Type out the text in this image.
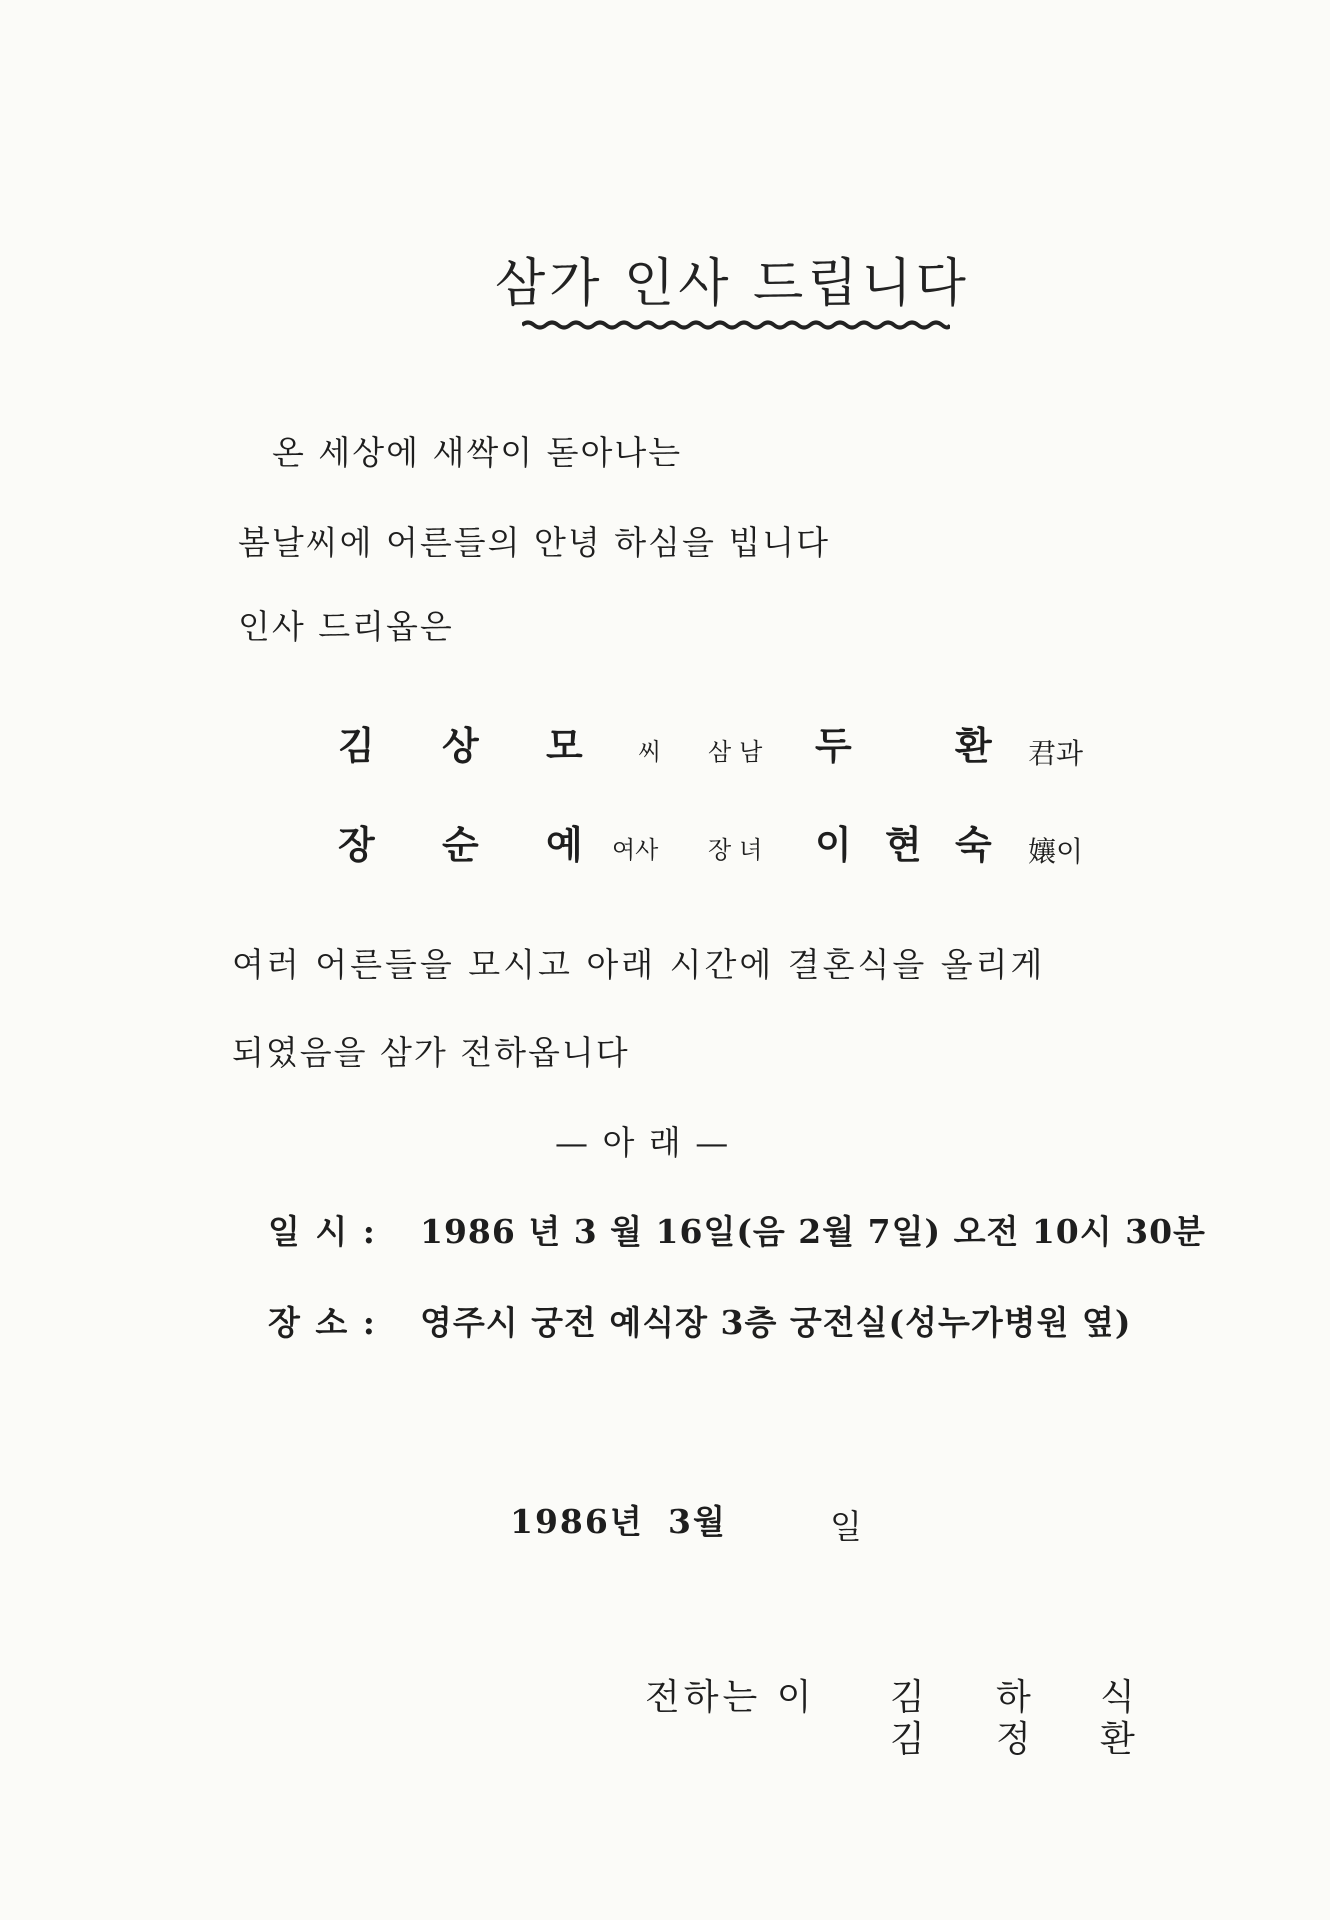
삼가 인사 드립니다
온 세상에 새싹이 돋아나는
봄날씨에 어른들의 안녕 하심을 빕니다
인사 드리옵은
김 상 모 씨 삼남 두	환 君과
장 순 예 여사 장녀 이 현 숙 孃이
여러 어른들을 모시고 아래 시간에 결혼식을 올리게
되였음을 삼가 전하옵니다
— 아 래 —
일 시 : 1986 년 3 월 16일(음 2월 7일) 오전 10시 30분
장 소 : 영주시 궁전 예식장 3층 궁전실(성누가병원 옆)
1986년 3월	일
전하는 이 김 하 식
김 정 환
